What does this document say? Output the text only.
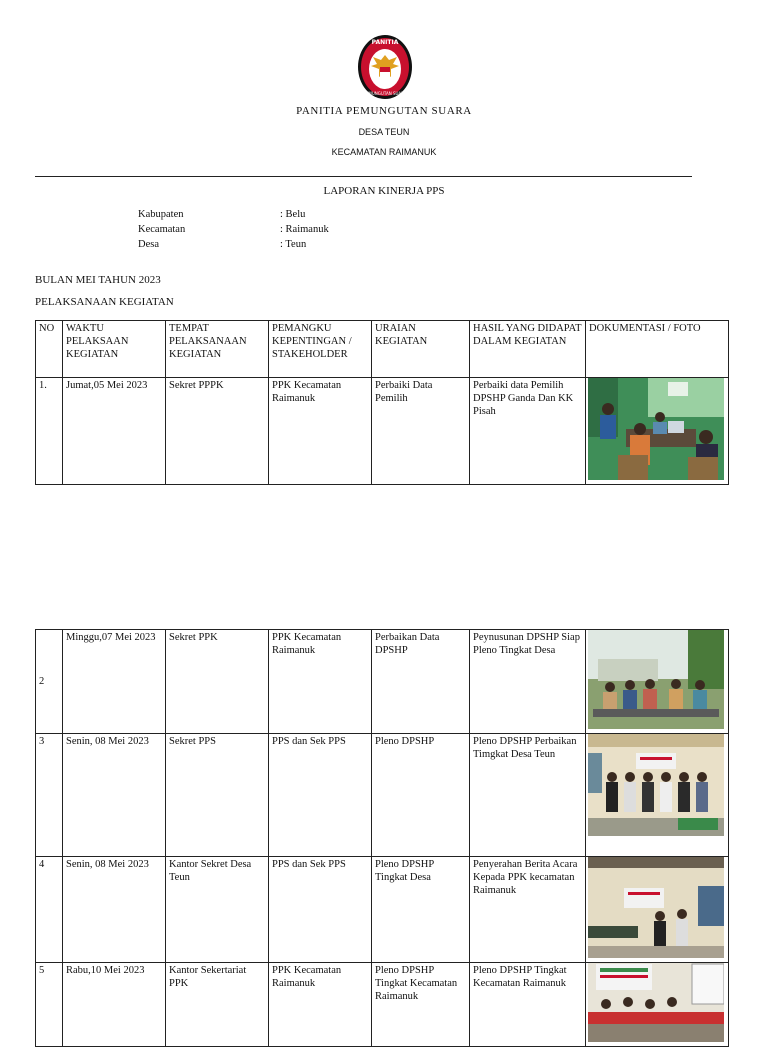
PANITIA
PEMUNGUTAN SUARA
PANITIA PEMUNGUTAN SUARA
DESA TEUN
KECAMATAN RAIMANUK
LAPORAN KINERJA PPS
Kabupaten	: Belu
Kecamatan	: Raimanuk
Desa	: Teun
BULAN MEI TAHUN 2023
PELAKSANAAN KEGIATAN
NO	WAKTU PELAKSAAN KEGIATAN	TEMPAT PELAKSANAAN KEGIATAN	PEMANGKU KEPENTINGAN / STAKEHOLDER	URAIAN KEGIATAN	HASIL YANG DIDAPAT DALAM KEGIATAN	DOKUMENTASI / FOTO
1.	Jumat,05 Mei 2023	Sekret PPPK	PPK Kecamatan Raimanuk	Perbaiki Data Pemilih	Perbaiki data Pemilih DPSHP Ganda Dan KK Pisah	
2	Minggu,07 Mei 2023	Sekret PPK	PPK Kecamatan Raimanuk	Perbaikan Data DPSHP	Peynusunan DPSHP Siap Pleno Tingkat Desa	
3	Senin, 08 Mei 2023	Sekret PPS	PPS dan Sek PPS	Pleno DPSHP	Pleno DPSHP Perbaikan Timgkat Desa Teun	
4	Senin, 08 Mei 2023	Kantor Sekret Desa Teun	PPS dan Sek PPS	Pleno DPSHP Tingkat Desa	Penyerahan Berita Acara Kepada PPK kecamatan Raimanuk	
5	Rabu,10 Mei 2023	Kantor Sekertariat PPK	PPK Kecamatan Raimanuk	Pleno DPSHP Tingkat Kecamatan Raimanuk	Pleno DPSHP Tingkat Kecamatan Raimanuk	
